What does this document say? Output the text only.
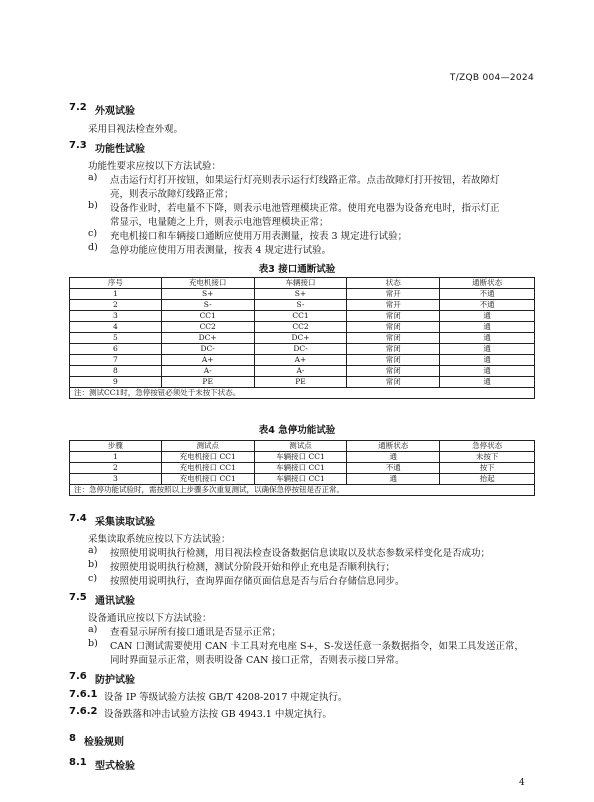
T/ZQB 004—2024
7.2 外观试验
采用目视法检查外观。
7.3 功能性试验
功能性要求应按以下方法试验：
a) 点击运行灯打开按钮，如果运行灯亮则表示运行灯线路正常。点击故障灯打开按钮，若故障灯
亮，则表示故障灯线路正常；
b) 设备作业时，若电量不下降，则表示电池管理模块正常。使用充电器为设备充电时，指示灯正
常显示，电量随之上升，则表示电池管理模块正常；
c) 充电机接口和车辆接口通断应使用万用表测量，按表 3 规定进行试验；
d) 急停功能应使用万用表测量，按表 4 规定进行试验。
表3 接口通断试验
序号	充电机接口	车辆接口	状态	通断状态
1	S+	S+	常开	不通
2	S-	S-	常开	不通
3	CC1	CC1	常闭	通
4	CC2	CC2	常闭	通
5	DC+	DC+	常闭	通
6	DC-	DC-	常闭	通
7	A+	A+	常闭	通
8	A-	A-	常闭	通
9	PE	PE	常闭	通
注：测试CC1时，急停按钮必须处于未按下状态。				
表4 急停功能试验
步骤	测试点	测试点	通断状态	急停状态
1	充电机接口 CC1	车辆接口 CC1	通	未按下
2	充电机接口 CC1	车辆接口 CC1	不通	按下
3	充电机接口 CC1	车辆接口 CC1	通	抬起
注：急停功能试验时，需按照以上步骤多次重复测试，以确保急停按钮是否正常。				
7.4 采集读取试验
采集读取系统应按以下方法试验：
a) 按照使用说明执行检测，用目视法检查设备数据信息读取以及状态参数采样变化是否成功；
b) 按照使用说明执行检测，测试分阶段开始和停止充电是否顺利执行；
c) 按照使用说明执行，查询界面存储页面信息是否与后台存储信息同步。
7.5 通讯试验
设备通讯应按以下方法试验：
a) 查看显示屏所有接口通讯是否显示正常；
b) CAN 口测试需要使用 CAN 卡工具对充电座 S+，S-发送任意一条数据指令，如果工具发送正常，
同时界面显示正常，则表明设备 CAN 接口正常，否则表示接口异常。
7.6 防护试验
7.6.1 设备 IP 等级试验方法按 GB/T 4208-2017 中规定执行。
7.6.2 设备跌落和冲击试验方法按 GB 4943.1 中规定执行。
8 检验规则
8.1 型式检验
4
